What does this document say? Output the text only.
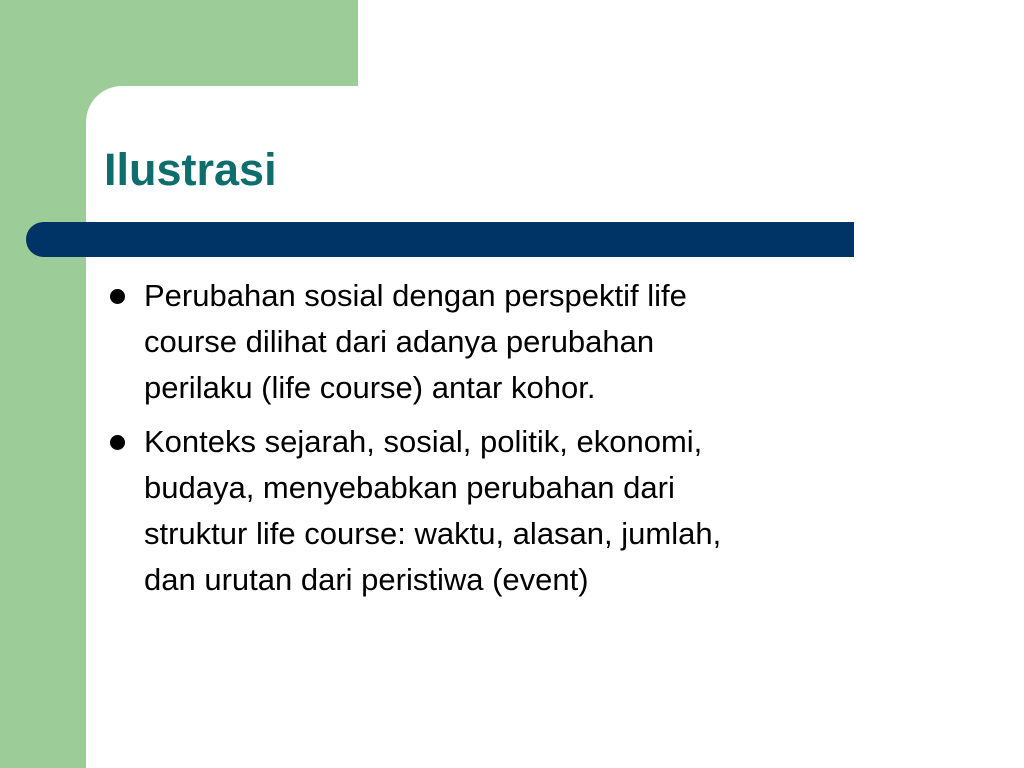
Ilustrasi
Perubahan sosial dengan perspektif life
course dilihat dari adanya perubahan
perilaku (life course) antar kohor.
Konteks sejarah, sosial, politik, ekonomi,
budaya, menyebabkan perubahan dari
struktur life course: waktu, alasan, jumlah,
dan urutan dari peristiwa (event)
